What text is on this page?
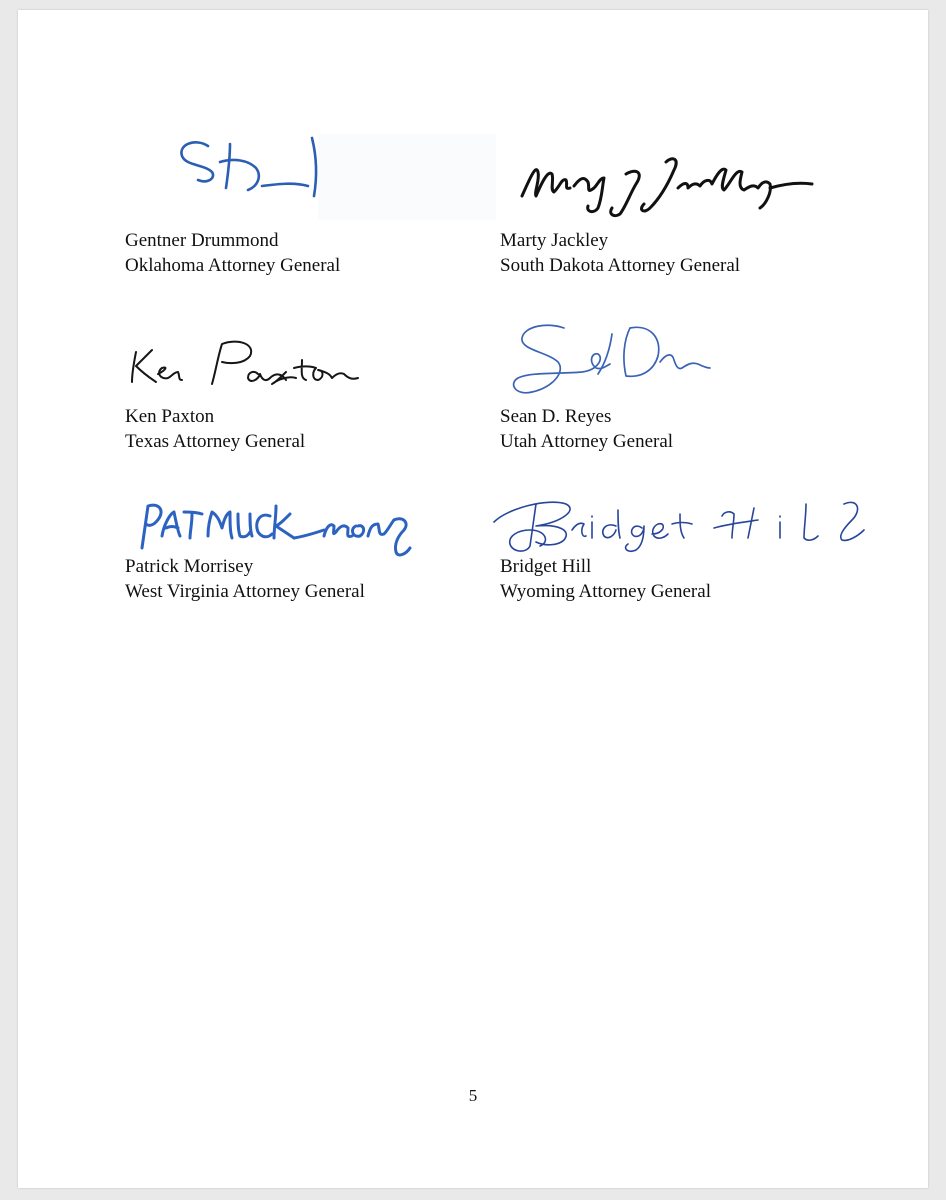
Gentner Drummond
Oklahoma Attorney General
Marty Jackley
South Dakota Attorney General
Ken Paxton
Texas Attorney General
Sean D. Reyes
Utah Attorney General
Patrick Morrisey
West Virginia Attorney General
Bridget Hill
Wyoming Attorney General
5
